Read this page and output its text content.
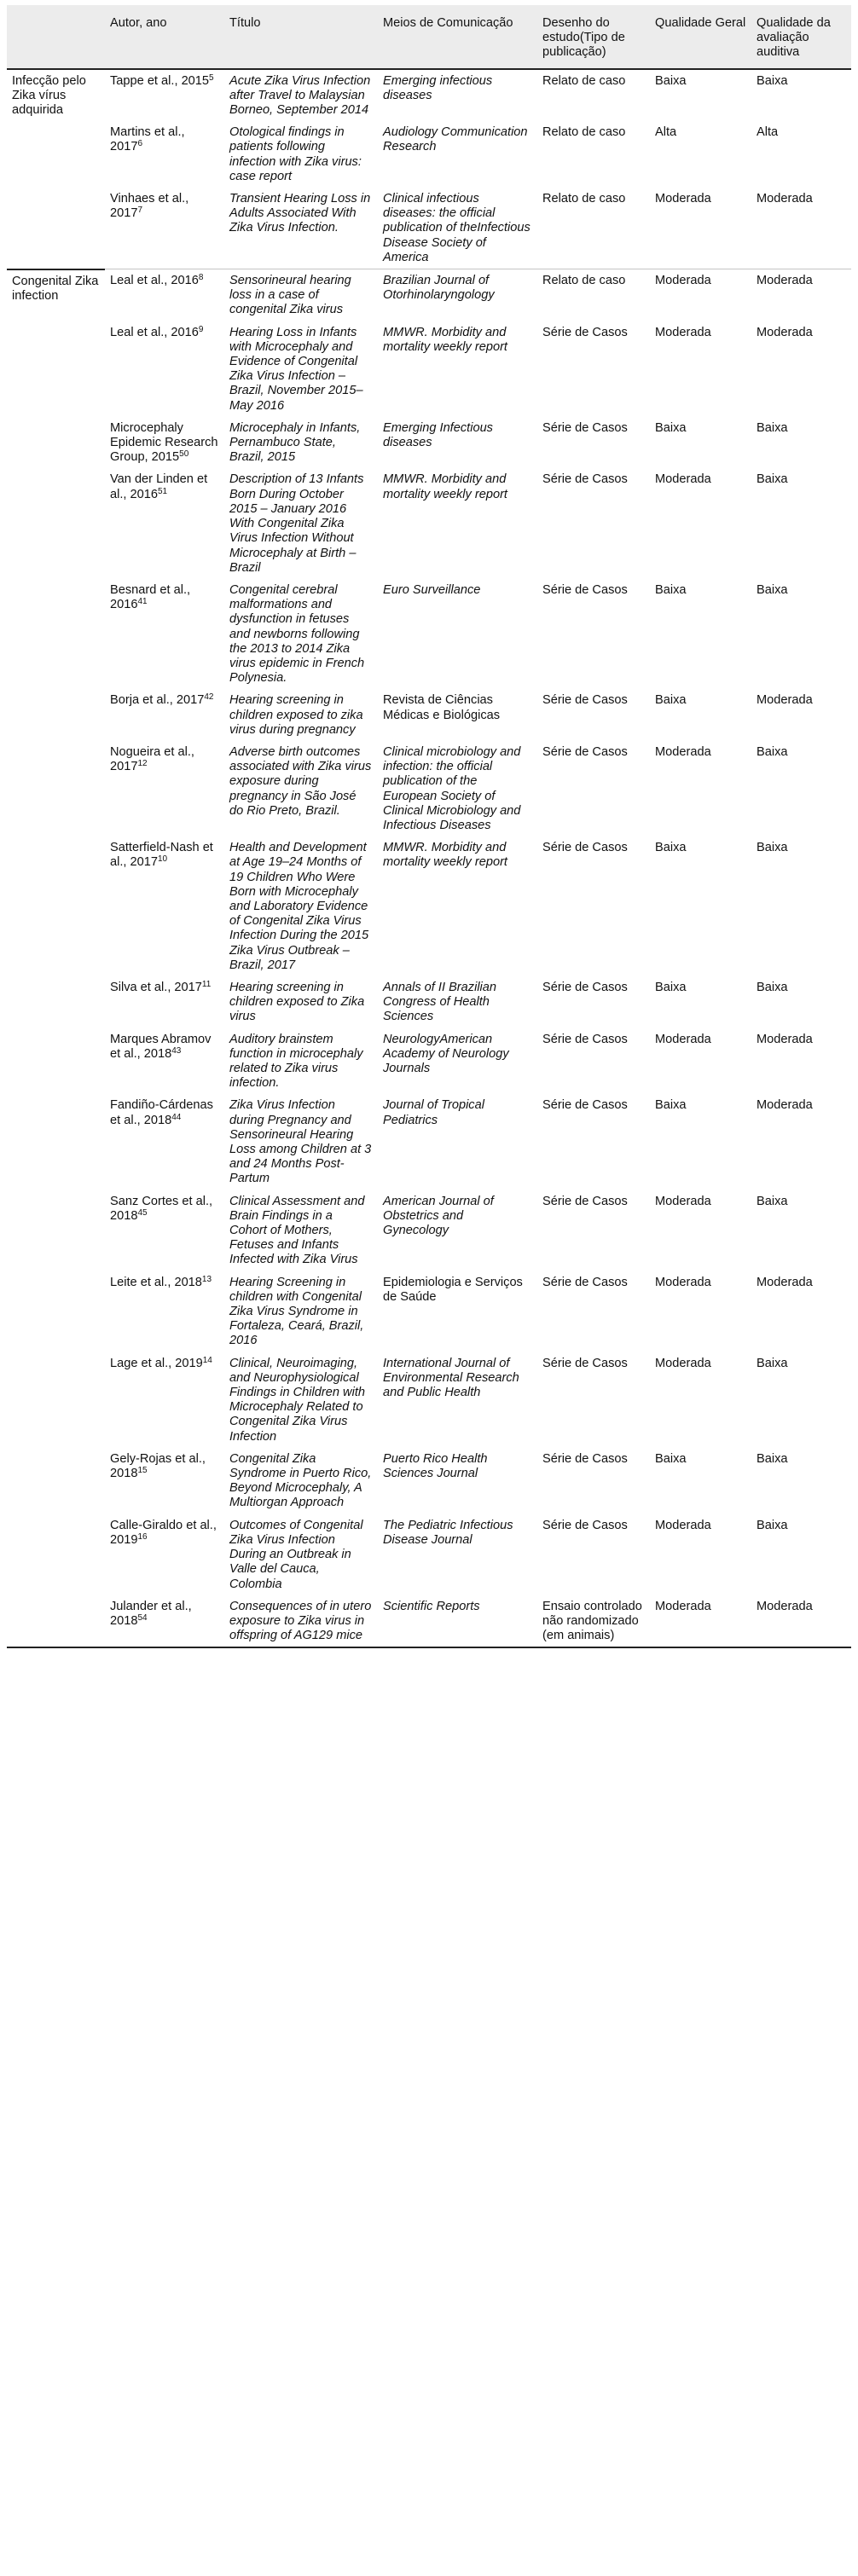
	Autor, ano	Título	Meios de Comunicação	Desenho do estudo(Tipo de publicação)	Qualidade Geral	Qualidade da avaliação auditiva
Infecção pelo Zika vírus adquirida	Tappe et al., 2015$^5$	Acute Zika Virus Infection after Travel to Malaysian Borneo, September 2014	Emerging infectious diseases	Relato de caso	Baixa	Baixa
	Martins et al., 2017$^6$	Otological findings in patients following infection with Zika virus: case report	Audiology Communication Research	Relato de caso	Alta	Alta
	Vinhaes et al., 2017$^7$	Transient Hearing Loss in Adults Associated With Zika Virus Infection.	Clinical infectious diseases: the official publication of theInfectious Disease Society of America	Relato de caso	Moderada	Moderada
Congenital Zika infection	Leal et al., 2016$^8$	Sensorineural hearing loss in a case of congenital Zika virus	Brazilian Journal of Otorhinolaryngology	Relato de caso	Moderada	Moderada
	Leal et al., 2016$^9$	Hearing Loss in Infants with Microcephaly and Evidence of Congenital Zika Virus Infection – Brazil, November 2015–May 2016	MMWR. Morbidity and mortality weekly report	Série de Casos	Moderada	Moderada
	Microcephaly Epidemic Research Group, 2015$^{50}$	Microcephaly in Infants, Pernambuco State, Brazil, 2015	Emerging Infectious diseases	Série de Casos	Baixa	Baixa
	Van der Linden et al., 2016$^{51}$	Description of 13 Infants Born During October 2015 – January 2016 With Congenital Zika Virus Infection Without Microcephaly at Birth – Brazil	MMWR. Morbidity and mortality weekly report	Série de Casos	Moderada	Baixa
	Besnard et al., 2016$^{41}$	Congenital cerebral malformations and dysfunction in fetuses and newborns following the 2013 to 2014 Zika virus epidemic in French Polynesia.	Euro Surveillance	Série de Casos	Baixa	Baixa
	Borja et al., 2017$^{42}$	Hearing screening in children exposed to zika virus during pregnancy	Revista de Ciências Médicas e Biológicas	Série de Casos	Baixa	Moderada
	Nogueira et al., 2017$^{12}$	Adverse birth outcomes associated with Zika virus exposure during pregnancy in São José do Rio Preto, Brazil.	Clinical microbiology and infection: the official publication of the European Society of Clinical Microbiology and Infectious Diseases	Série de Casos	Moderada	Baixa
	Satterfield-Nash et al., 2017$^{10}$	Health and Development at Age 19–24 Months of 19 Children Who Were Born with Microcephaly and Laboratory Evidence of Congenital Zika Virus Infection During the 2015 Zika Virus Outbreak – Brazil, 2017	MMWR. Morbidity and mortality weekly report	Série de Casos	Baixa	Baixa
	Silva et al., 2017$^{11}$	Hearing screening in children exposed to Zika virus	Annals of II Brazilian Congress of Health Sciences	Série de Casos	Baixa	Baixa
	Marques Abramov et al., 2018$^{43}$	Auditory brainstem function in microcephaly related to Zika virus infection.	NeurologyAmerican Academy of Neurology Journals	Série de Casos	Moderada	Moderada
	Fandiño-Cárdenas et al., 2018$^{44}$	Zika Virus Infection during Pregnancy and Sensorineural Hearing Loss among Children at 3 and 24 Months Post-Partum	Journal of Tropical Pediatrics	Série de Casos	Baixa	Moderada
	Sanz Cortes et al., 2018$^{45}$	Clinical Assessment and Brain Findings in a Cohort of Mothers, Fetuses and Infants Infected with Zika Virus	American Journal of Obstetrics and Gynecology	Série de Casos	Moderada	Baixa
	Leite et al., 2018$^{13}$	Hearing Screening in children with Congenital Zika Virus Syndrome in Fortaleza, Ceará, Brazil, 2016	Epidemiologia e Serviços de Saúde	Série de Casos	Moderada	Moderada
	Lage et al., 2019$^{14}$	Clinical, Neuroimaging, and Neurophysiological Findings in Children with Microcephaly Related to Congenital Zika Virus Infection	International Journal of Environmental Research and Public Health	Série de Casos	Moderada	Baixa
	Gely-Rojas et al., 2018$^{15}$	Congenital Zika Syndrome in Puerto Rico, Beyond Microcephaly, A Multiorgan Approach	Puerto Rico Health Sciences Journal	Série de Casos	Baixa	Baixa
	Calle-Giraldo et al., 2019$^{16}$	Outcomes of Congenital Zika Virus Infection During an Outbreak in Valle del Cauca, Colombia	The Pediatric Infectious Disease Journal	Série de Casos	Moderada	Baixa
	Julander et al., 2018$^{54}$	Consequences of in utero exposure to Zika virus in offspring of AG129 mice	Scientific Reports	Ensaio controlado não randomizado (em animais)	Moderada	Moderada
